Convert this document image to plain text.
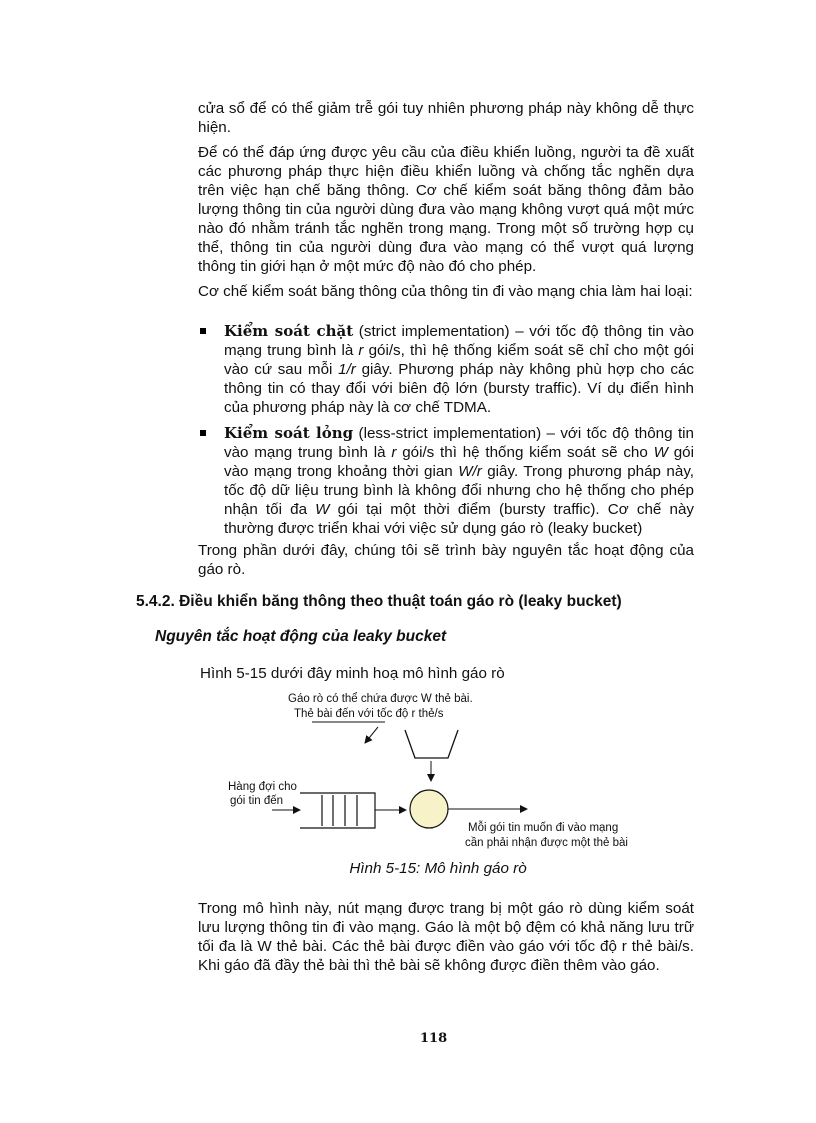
cửa sổ để có thể giảm trễ gói tuy nhiên phương pháp này không dễ thực hiện.

Để có thể đáp ứng được yêu cầu của điều khiển luồng, người ta đề xuất các phương pháp thực hiện điều khiển luồng và chống tắc nghẽn dựa trên việc hạn chế băng thông. Cơ chế kiểm soát băng thông đảm bảo lượng thông tin của người dùng đưa vào mạng không vượt quá một mức nào đó nhằm tránh tắc nghẽn trong mạng. Trong một số trường hợp cụ thể, thông tin của người dùng đưa vào mạng có thể vượt quá lượng thông tin giới hạn ở một mức độ nào đó cho phép.

Cơ chế kiểm soát băng thông của thông tin đi vào mạng chia làm hai loại:

Kiểm soát chặt (strict implementation) – với tốc độ thông tin vào mạng trung bình là r gói/s, thì hệ thống kiểm soát sẽ chỉ cho một gói vào cứ sau mỗi 1/r giây. Phương pháp này không phù hợp cho các thông tin có thay đổi với biên độ lớn (bursty traffic). Ví dụ điển hình của phương pháp này là cơ chế TDMA.
Kiểm soát lỏng (less-strict implementation) – với tốc độ thông tin vào mạng trung bình là r gói/s thì hệ thống kiểm soát sẽ cho W gói vào mạng trong khoảng thời gian W/r giây. Trong phương pháp này, tốc độ dữ liệu trung bình là không đổi nhưng cho hệ thống cho phép nhận tối đa W gói tại một thời điểm (bursty traffic). Cơ chế này thường được triển khai với việc sử dụng gáo rò (leaky bucket)

Trong phần dưới đây, chúng tôi sẽ trình bày nguyên tắc hoạt động của gáo rò.

5.4.2. Điều khiển băng thông theo thuật toán gáo rò (leaky bucket)
Nguyên tắc hoạt động của leaky bucket

Hình 5-15 dưới đây minh hoạ mô hình gáo rò

Gáo rò có thể chứa được W thẻ bài.
Thẻ bài đến với tốc độ r thẻ/s
Hàng đợi cho
gói tin đến
Mỗi gói tin muốn đi vào mạng
cần phải nhận được một thẻ bài

Hình 5-15: Mô hình gáo rò

Trong mô hình này, nút mạng được trang bị một gáo rò dùng kiểm soát lưu lượng thông tin đi vào mạng. Gáo là một bộ đệm có khả năng lưu trữ tối đa là W thẻ bài. Các thẻ bài được điền vào gáo với tốc độ r thẻ bài/s. Khi gáo đã đầy thẻ bài thì thẻ bài sẽ không được điền thêm vào gáo.

118
